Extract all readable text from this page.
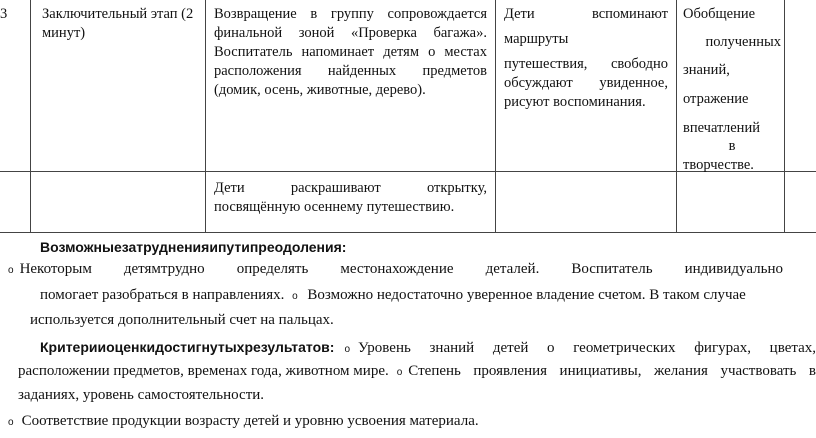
3	Заключительный этап (2 минут)
Возвращение в группу сопровождается финальной зоной «Проверка багажа». Воспитатель напоминает детям о местах расположения найденных предметов (домик, осень, животные, дерево).
Дети	вспоминают
маршруты
путешествия, свободно обсуждают увиденное, рисуют воспоминания.
Обобщение
полученных
знаний,
отражение
впечатлений
в
творчестве.
Дети раскрашивают открытку, посвящённую осеннему путешествию.
Возможныезатрудненияипутипреодоления:
o Некоторым детямтрудно определять местонахождение деталей. Воспитатель индивидуально
помогает разобраться в направлениях. o Возможно недостаточно уверенное владение счетом. В таком случае
используется дополнительный счет на пальцах.
Критерииоценкидостигнутыхрезультатов: o Уровень знаний детей о геометрических фигурах, цветах,
расположении предметов, временах года, животном мире. o Степень проявления инициативы, желания участвовать в
заданиях, уровень самостоятельности.
o Соответствие продукции возрасту детей и уровню усвоения материала.
